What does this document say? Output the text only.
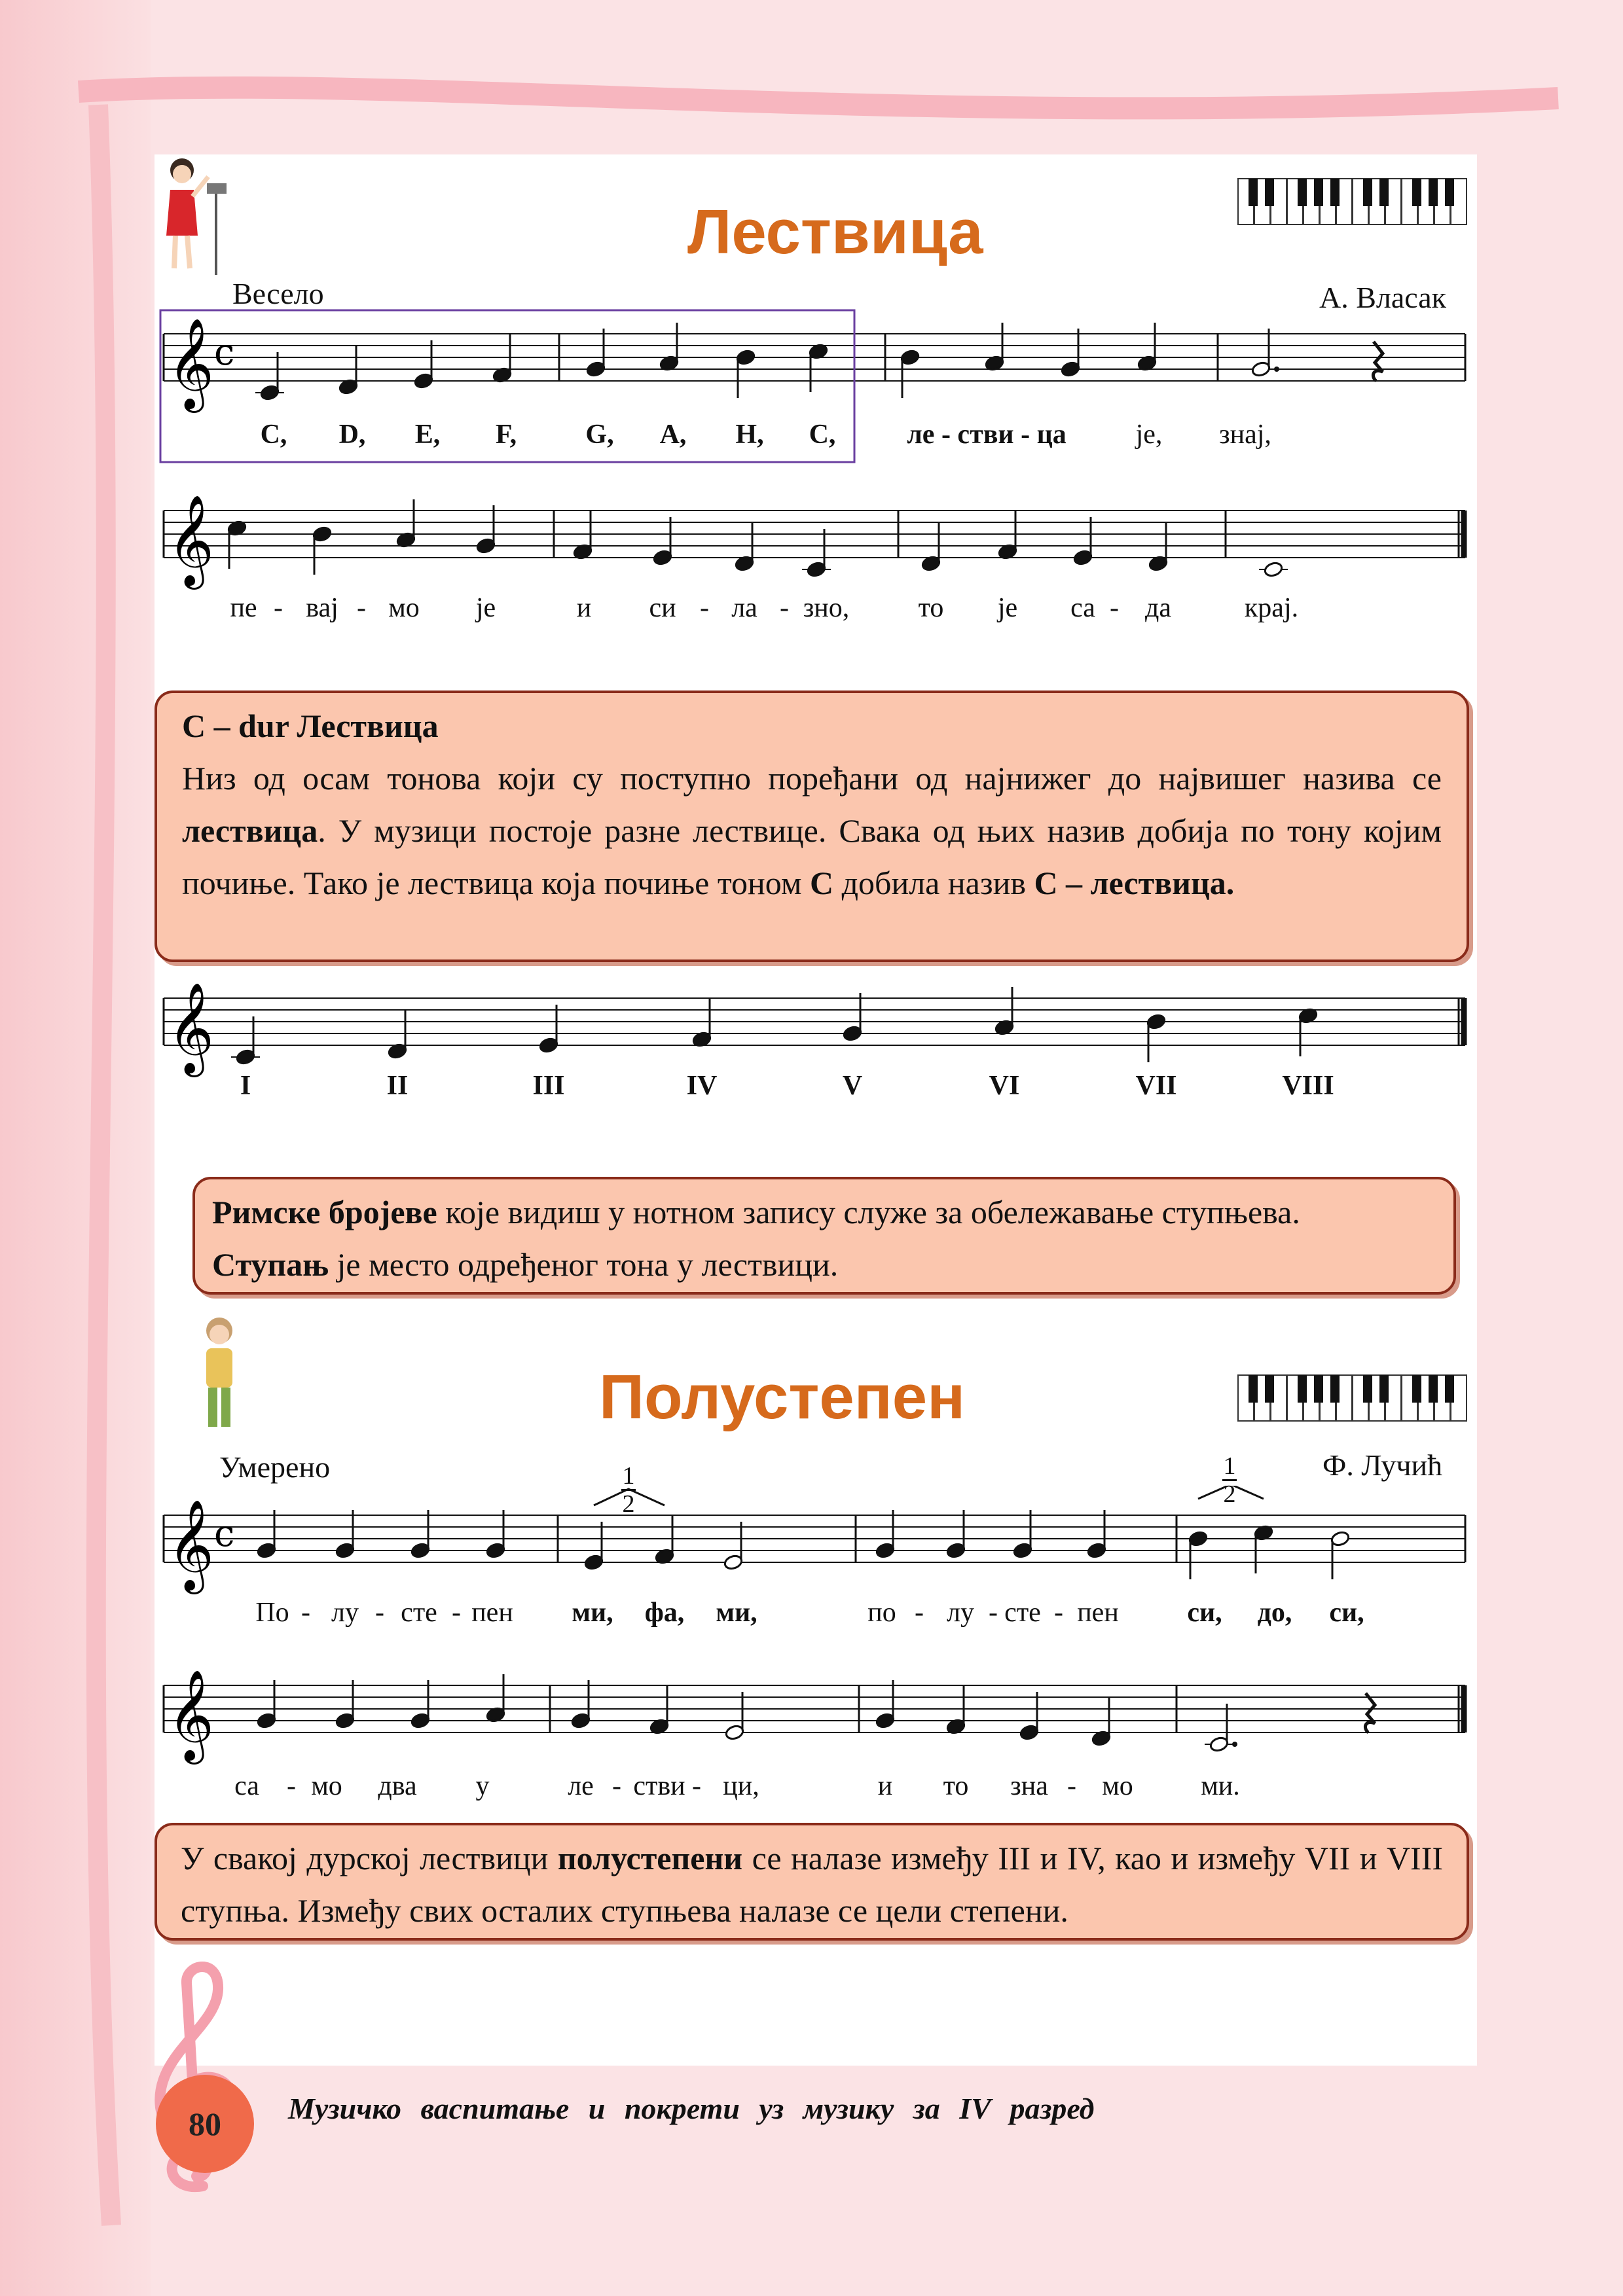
Лествица
Весело	А. Власак
𝄞 c
C, D, E, F,	G, A, H, C,	ле - стви - ца	је, знај,
𝄞
пе - вај - мо је	и си - ла - зно,	то је са - да	крај.

C – dur Лествица

Низ од осам тонова који су поступно поређани од најнижег до највишег назива се лествица. У музици постоје разне лествице. Свака од њих назив добија по тону којим почиње. Тако је лествица која почиње тоном C добила назив C – лествица.

𝄞
I	II	III	IV	V	VI	VII	VIII

Римске бројеве које видиш у нотном запису служе за обележавање ступњева.

Ступањ је место одређеног тона у лествици.

Полустепен
Умерено	Ф. Лучић
1
2
1
2
𝄞 c
По - лу - сте - пен ми, фа, ми,	по - лу - сте - пен си, до, си,
𝄞
са - мо два у	ле - стви - ци,	и то зна - мо ми.

У свакој дурској лествици полустепени се налазе између III и IV, као и између VII и VIII ступња. Између свих осталих ступњева налазе се цели степени.

80	Музичко васпитање и покрети уз музику за IV разред
